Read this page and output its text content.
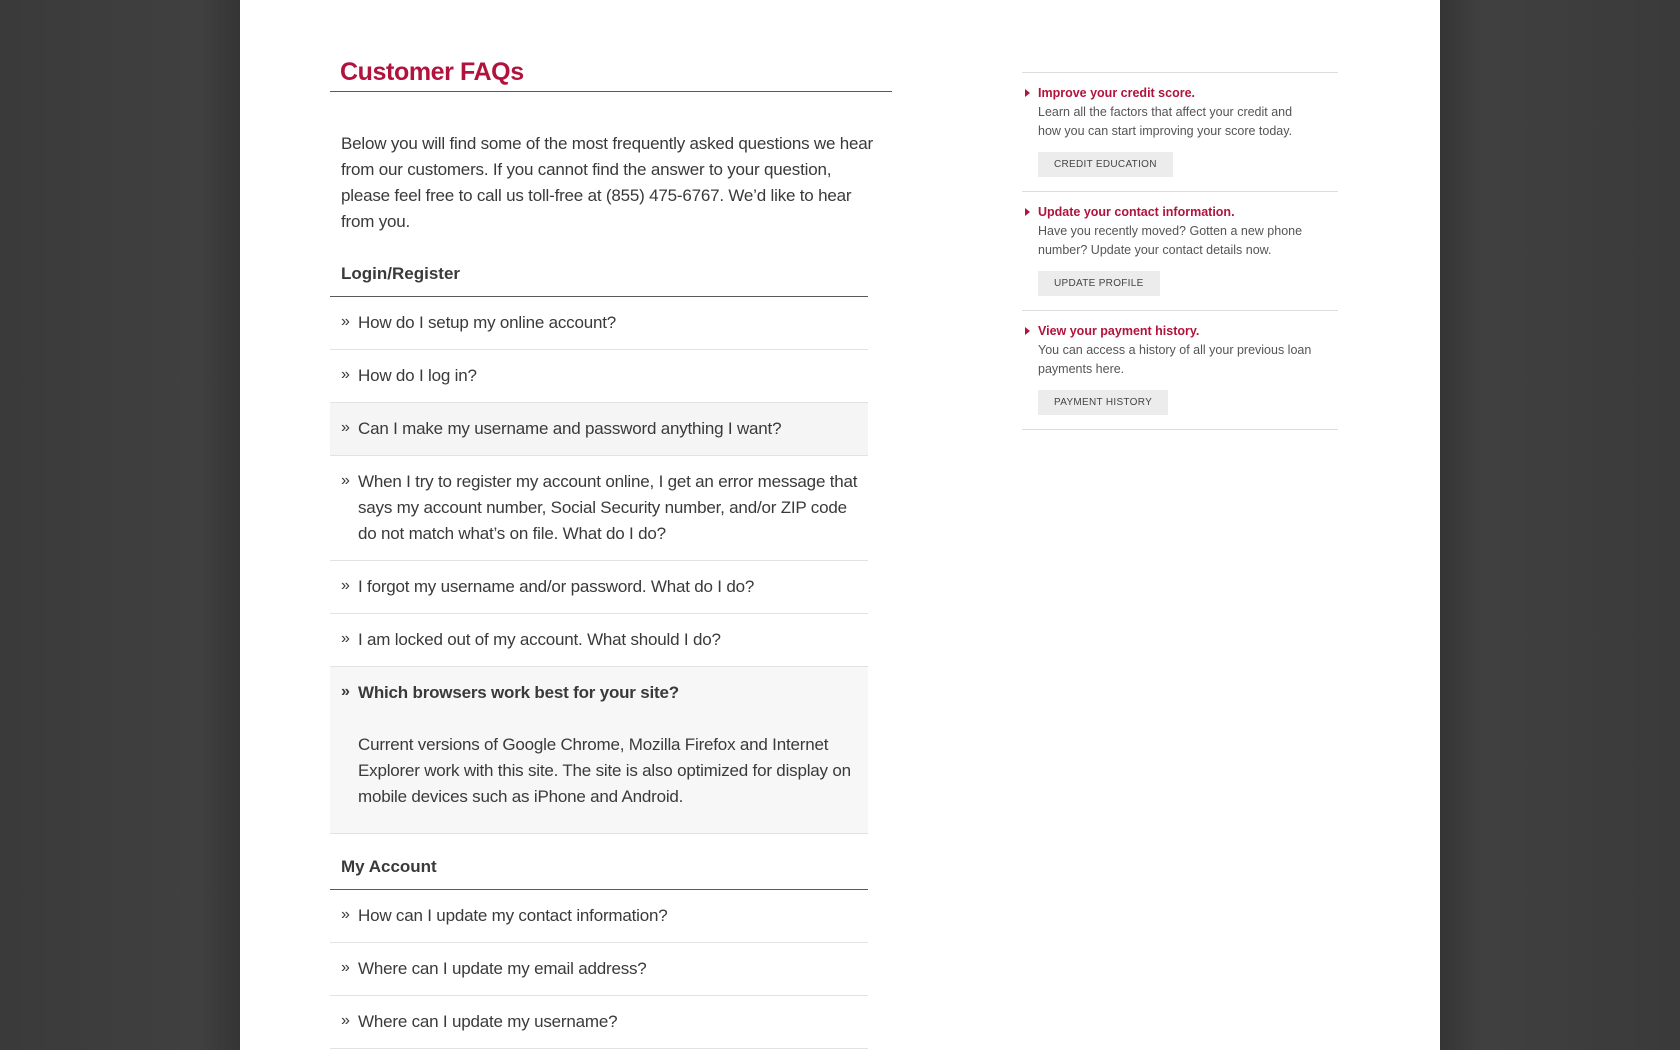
Customer FAQs

Below you will find some of the most frequently asked questions we hear from our customers. If you cannot find the answer to your question, please feel free to call us toll-free at (855) 475-6767. We’d like to hear from you.

Login/Register
» How do I setup my online account?
» How do I log in?
» Can I make my username and password anything I want?
» When I try to register my account online, I get an error message that says my account number, Social Security number, and/or ZIP code do not match what’s on file. What do I do?
» I forgot my username and/or password. What do I do?
» I am locked out of my account. What should I do?
» Which browsers work best for your site?
Current versions of Google Chrome, Mozilla Firefox and Internet Explorer work with this site. The site is also optimized for display on mobile devices such as iPhone and Android.
My Account
» How can I update my contact information?
» Where can I update my email address?
» Where can I update my username?
Improve your credit score.
Learn all the factors that affect your credit and how you can start improving your score today.
CREDIT EDUCATION
Update your contact information.
Have you recently moved? Gotten a new phone number? Update your contact details now.
UPDATE PROFILE
View your payment history.
You can access a history of all your previous loan payments here.
PAYMENT HISTORY
